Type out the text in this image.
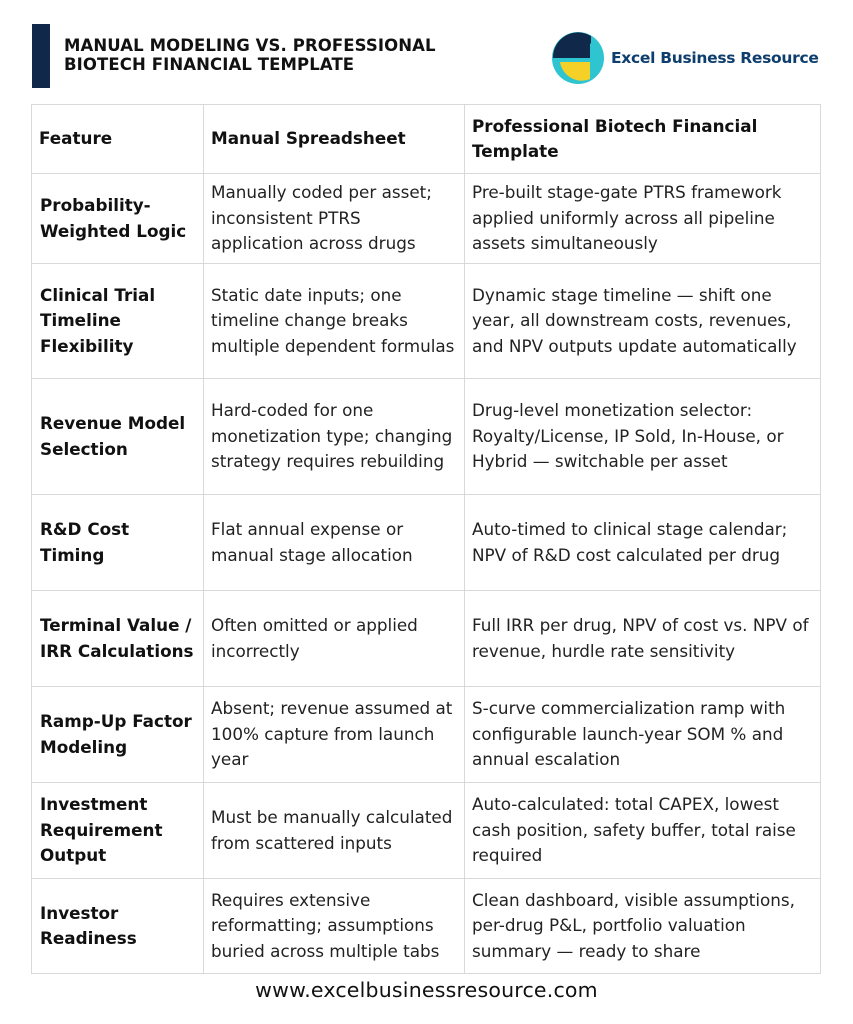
MANUAL MODELING VS. PROFESSIONAL
BIOTECH FINANCIAL TEMPLATE	Excel Business Resource
Feature	Manual Spreadsheet	Professional Biotech Financial Template
Probability-Weighted Logic	Manually coded per asset; inconsistent PTRS application across drugs	Pre-built stage-gate PTRS framework applied uniformly across all pipeline assets simultaneously
Clinical Trial Timeline Flexibility	Static date inputs; one timeline change breaks multiple dependent formulas	Dynamic stage timeline — shift one year, all downstream costs, revenues, and NPV outputs update automatically
Revenue Model Selection	Hard-coded for one monetization type; changing strategy requires rebuilding	Drug-level monetization selector: Royalty/License, IP Sold, In-House, or Hybrid — switchable per asset
R&D Cost Timing	Flat annual expense or manual stage allocation	Auto-timed to clinical stage calendar; NPV of R&D cost calculated per drug
Terminal Value / IRR Calculations	Often omitted or applied incorrectly	Full IRR per drug, NPV of cost vs. NPV of revenue, hurdle rate sensitivity
Ramp-Up Factor Modeling	Absent; revenue assumed at 100% capture from launch year	S-curve commercialization ramp with configurable launch-year SOM % and annual escalation
Investment Requirement Output	Must be manually calculated from scattered inputs	Auto-calculated: total CAPEX, lowest cash position, safety buffer, total raise required
Investor Readiness	Requires extensive reformatting; assumptions buried across multiple tabs	Clean dashboard, visible assumptions, per-drug P&L, portfolio valuation summary — ready to share
www.excelbusinessresource.com
